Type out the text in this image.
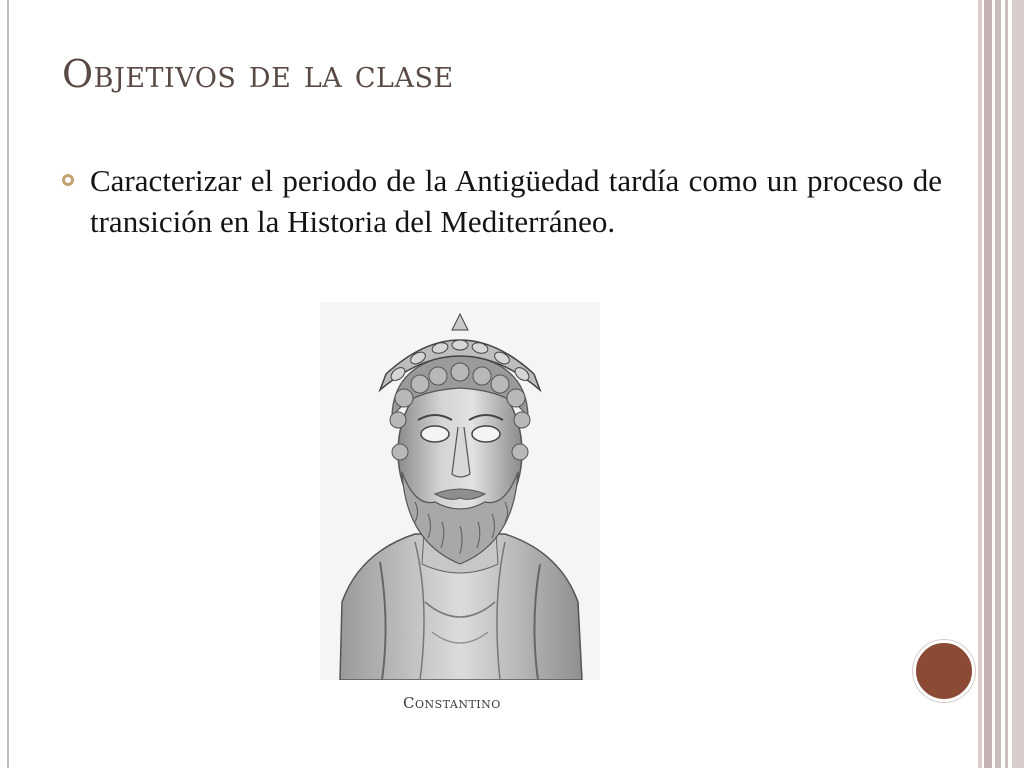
Objetivos de la clase
Caracterizar el periodo de la Antigüedad tardía como un proceso de transición en la Historia del Mediterráneo.
Constantino
